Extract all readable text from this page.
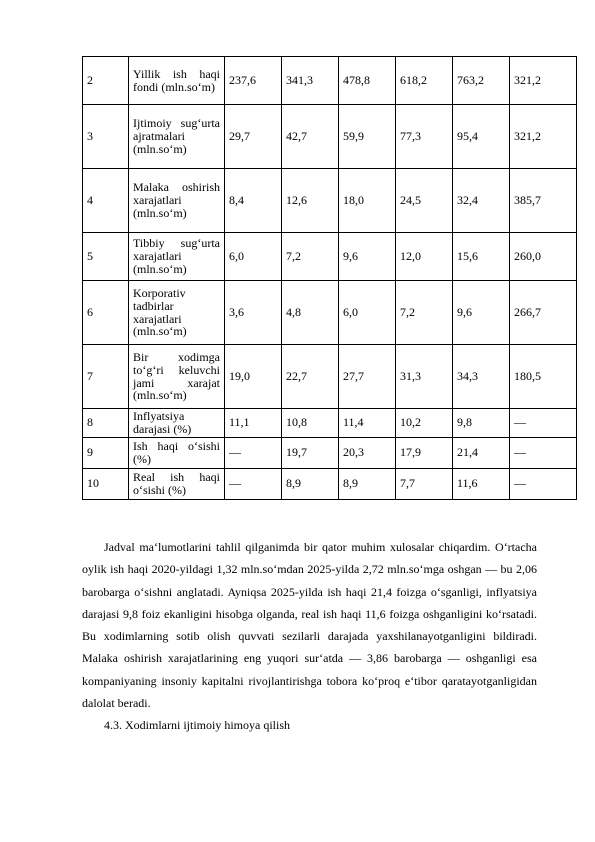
2	Yillik ish haqi fondi (mln.so‘m)	237,6	341,3	478,8	618,2	763,2	321,2
3	Ijtimoiy sug‘urta ajratmalari (mln.so‘m)	29,7	42,7	59,9	77,3	95,4	321,2
4	Malaka oshirish xarajatlari (mln.so‘m)	8,4	12,6	18,0	24,5	32,4	385,7
5	Tibbiy sug‘urta xarajatlari (mln.so‘m)	6,0	7,2	9,6	12,0	15,6	260,0
6	Korporativ tadbirlar xarajatlari (mln.so‘m)	3,6	4,8	6,0	7,2	9,6	266,7
7	Bir xodimga to‘g‘ri keluvchi jami xarajat (mln.so‘m)	19,0	22,7	27,7	31,3	34,3	180,5
8	Inflyatsiya darajasi (%)	11,1	10,8	11,4	10,2	9,8	—
9	Ish haqi o‘sishi (%)	—	19,7	20,3	17,9	21,4	—
10	Real ish haqi o‘sishi (%)	—	8,9	8,9	7,7	11,6	—

Jadval ma‘lumotlarini tahlil qilganimda bir qator muhim xulosalar chiqardim. O‘rtacha oylik ish haqi 2020-yildagi 1,32 mln.so‘mdan 2025-yilda 2,72 mln.so‘mga oshgan — bu 2,06 barobarga o‘sishni anglatadi. Ayniqsa 2025-yilda ish haqi 21,4 foizga o‘sganligi, inflyatsiya darajasi 9,8 foiz ekanligini hisobga olganda, real ish haqi 11,6 foizga oshganligini ko‘rsatadi. Bu xodimlarning sotib olish quvvati sezilarli darajada yaxshilanayotganligini bildiradi. Malaka oshirish xarajatlarining eng yuqori sur‘atda — 3,86 barobarga — oshganligi esa kompaniyaning insoniy kapitalni rivojlantirishga tobora ko‘proq e‘tibor qaratayotganligidan dalolat beradi.

4.3. Xodimlarni ijtimoiy himoya qilish
